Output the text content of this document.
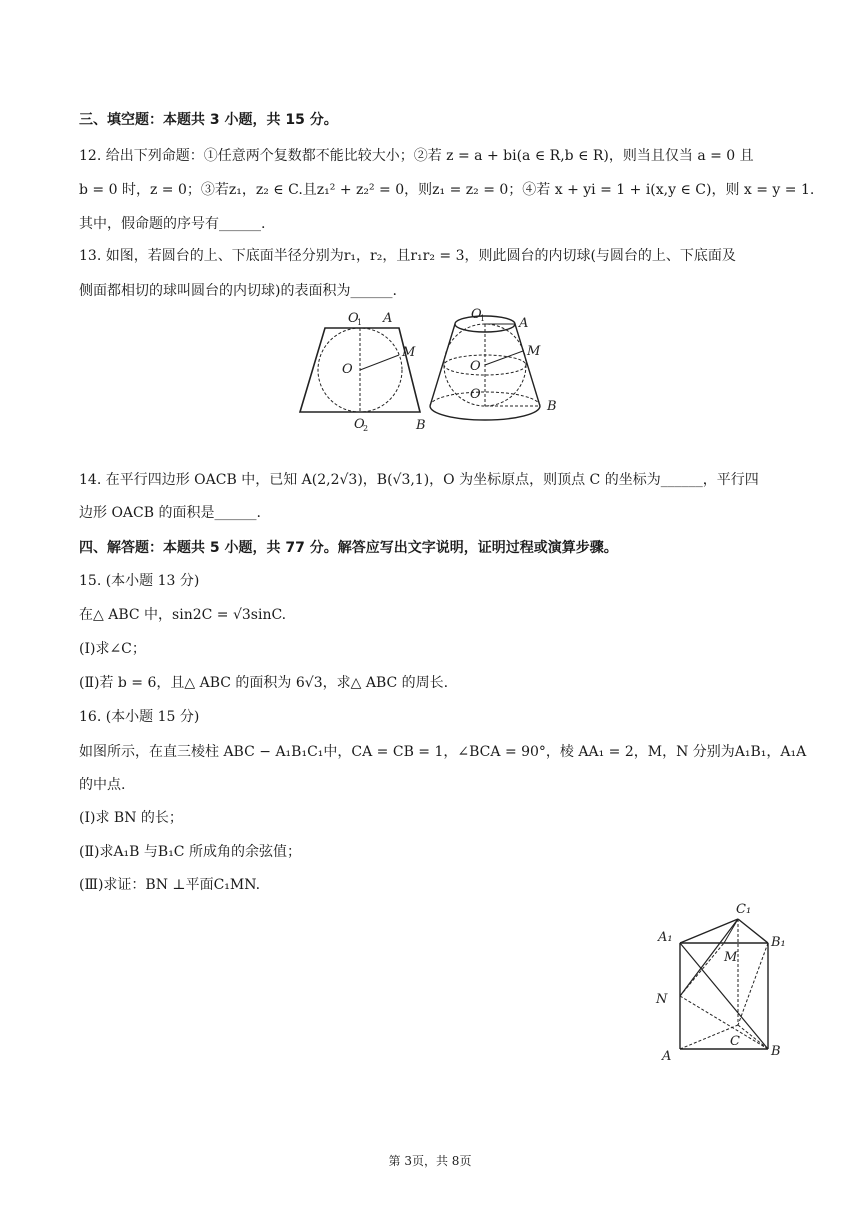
三、填空题：本题共 3 小题，共 15 分。
12. 给出下列命题：①任意两个复数都不能比较大小；②若 z = a + bi(a ∈ R,b ∈ R)，则当且仅当 a = 0 且
b = 0 时，z = 0；③若z₁，z₂ ∈ C.且z₁² + z₂² = 0，则z₁ = z₂ = 0；④若 x + yi = 1 + i(x,y ∈ C)，则 x = y = 1.
其中，假命题的序号有______.
13. 如图，若圆台的上、下底面半径分别为r₁，r₂，且r₁r₂ = 3，则此圆台的内切球(与圆台的上、下底面及
侧面都相切的球叫圆台的内切球)的表面积为______.
O
1 A
M
O
O
2	B
O
1	A
M
O
O
B
14. 在平行四边形 OACB 中，已知 A(2,2√3)，B(√3,1)，O 为坐标原点，则顶点 C 的坐标为______，平行四
边形 OACB 的面积是______.
四、解答题：本题共 5 小题，共 77 分。解答应写出文字说明，证明过程或演算步骤。
15. (本小题 13 分)
在△ ABC 中，sin2C = √3sinC.
(Ⅰ)求∠C；
(Ⅱ)若 b = 6，且△ ABC 的面积为 6√3，求△ ABC 的周长.
16. (本小题 15 分)
如图所示，在直三棱柱 ABC − A₁B₁C₁中，CA = CB = 1，∠BCA = 90°，棱 AA₁ = 2，M，N 分别为A₁B₁，A₁A
的中点.
(Ⅰ)求 BN 的长；
(Ⅱ)求A₁B 与B₁C 所成角的余弦值；
(Ⅲ)求证：BN ⊥平面C₁MN.
C₁
A₁	B₁
M
N
A
C
B
第 3页，共 8页
